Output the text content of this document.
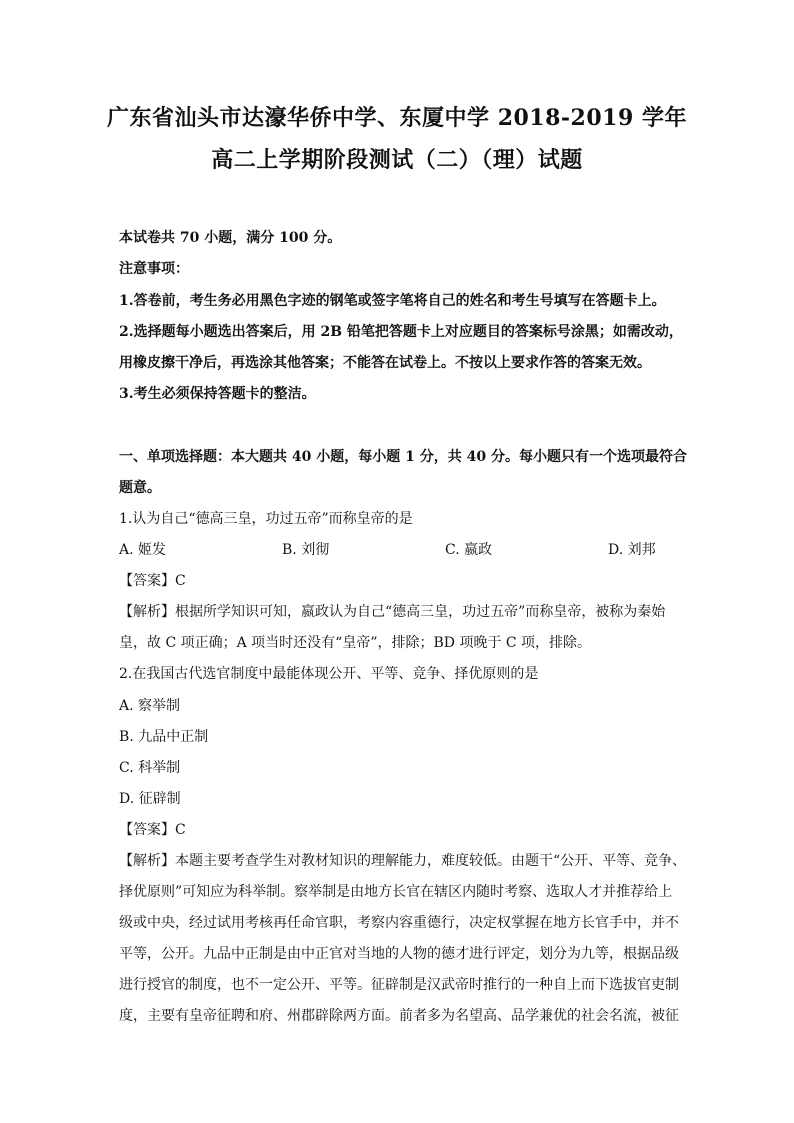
广东省汕头市达濠华侨中学、东厦中学 2018-2019 学年
高二上学期阶段测试（二）（理）试题
本试卷共 70 小题，满分 100 分。
注意事项：
1.答卷前，考生务必用黑色字迹的钢笔或签字笔将自己的姓名和考生号填写在答题卡上。
2.选择题每小题选出答案后，用 2B 铅笔把答题卡上对应题目的答案标号涂黑；如需改动，
用橡皮擦干净后，再选涂其他答案；不能答在试卷上。不按以上要求作答的答案无效。
3.考生必须保持答题卡的整洁。
一、单项选择题：本大题共 40 小题，每小题 1 分，共 40 分。每小题只有一个选项最符合
题意。
1.认为自己“德高三皇，功过五帝”而称皇帝的是
A. 姬发	B. 刘彻	C. 嬴政	D. 刘邦
【答案】C
【解析】根据所学知识可知，嬴政认为自己“德高三皇，功过五帝”而称皇帝，被称为秦始
皇，故 C 项正确；A 项当时还没有“皇帝”，排除；BD 项晚于 C 项，排除。
2.在我国古代选官制度中最能体现公开、平等、竞争、择优原则的是
A. 察举制
B. 九品中正制
C. 科举制
D. 征辟制
【答案】C
【解析】本题主要考查学生对教材知识的理解能力，难度较低。由题干“公开、平等、竞争、
择优原则”可知应为科举制。察举制是由地方长官在辖区内随时考察、选取人才并推荐给上
级或中央，经过试用考核再任命官职，考察内容重德行，决定权掌握在地方长官手中，并不
平等，公开。九品中正制是由中正官对当地的人物的德才进行评定，划分为九等，根据品级
进行授官的制度，也不一定公开、平等。征辟制是汉武帝时推行的一种自上而下选拔官吏制
度，主要有皇帝征聘和府、州郡辟除两方面。前者多为名望高、品学兼优的社会名流，被征
